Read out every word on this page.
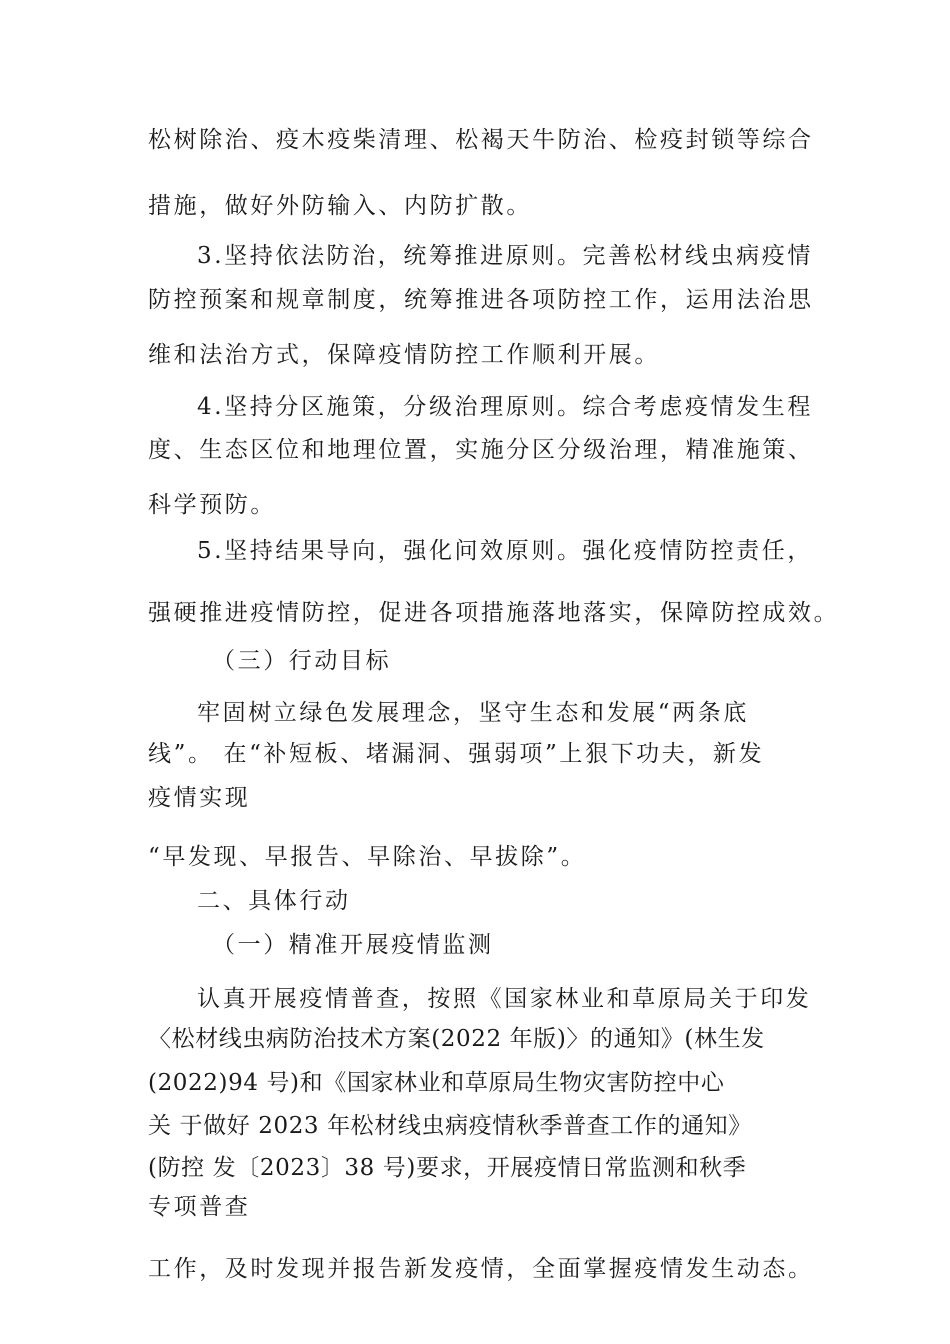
松树除治、疫木疫柴清理、松褐天牛防治、检疫封锁等综合
措施，做好外防输入、内防扩散。
3.坚持依法防治，统筹推进原则。完善松材线虫病疫情
防控预案和规章制度，统筹推进各项防控工作，运用法治思
维和法治方式，保障疫情防控工作顺利开展。
4.坚持分区施策，分级治理原则。综合考虑疫情发生程
度、生态区位和地理位置，实施分区分级治理，精准施策、
科学预防。
5.坚持结果导向，强化问效原则。强化疫情防控责任，
强硬推进疫情防控，促进各项措施落地落实，保障防控成效。
（三）行动目标
牢固树立绿色发展理念，坚守生态和发展“两条底
线”。 在“补短板、堵漏洞、强弱项”上狠下功夫，新发
疫情实现
“早发现、早报告、早除治、早拔除”。
二、具体行动
（一）精准开展疫情监测
认真开展疫情普查，按照《国家林业和草原局关于印发
〈松材线虫病防治技术方案(2022 年版)〉的通知》(林生发
(2022)94 号)和《国家林业和草原局生物灾害防控中心
关 于做好 2023 年松材线虫病疫情秋季普查工作的通知》
(防控 发〔2023〕38 号)要求，开展疫情日常监测和秋季
专项普查
工作，及时发现并报告新发疫情，全面掌握疫情发生动态。
